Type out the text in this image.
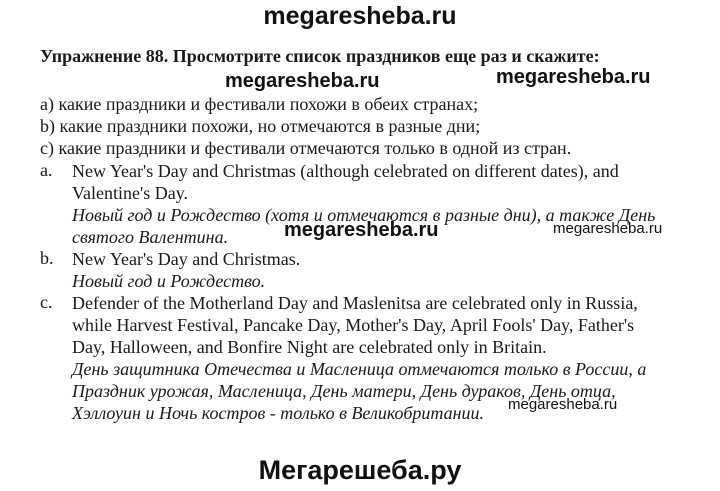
megaresheba.ru
Упражнение 88. Просмотрите список праздников еще раз и скажите:
megaresheba.ru	megaresheba.ru
a) какие праздники и фестивали похожи в обеих странах;
b) какие праздники похожи, но отмечаются в разные дни;
c) какие праздники и фестивали отмечаются только в одной из стран.
a. New Year's Day and Christmas (although celebrated on different dates), and
Valentine's Day.
Новый год и Рождество (хотя и отмечаются в разные дни), а также День
святого Валентина.	megaresheba.ru	megaresheba.ru
b. New Year's Day and Christmas.
Новый год и Рождество.
c. Defender of the Motherland Day and Maslenitsa are celebrated only in Russia,
while Harvest Festival, Pancake Day, Mother's Day, April Fools' Day, Father's
Day, Halloween, and Bonfire Night are celebrated only in Britain.
День защитника Отечества и Масленица отмечаются только в России, а
Праздник урожая, Масленица, День матери, День дураков, День отца,
Хэллоуин и Ночь костров - только в Великобритании.	megaresheba.ru
Мегарешеба.ру
